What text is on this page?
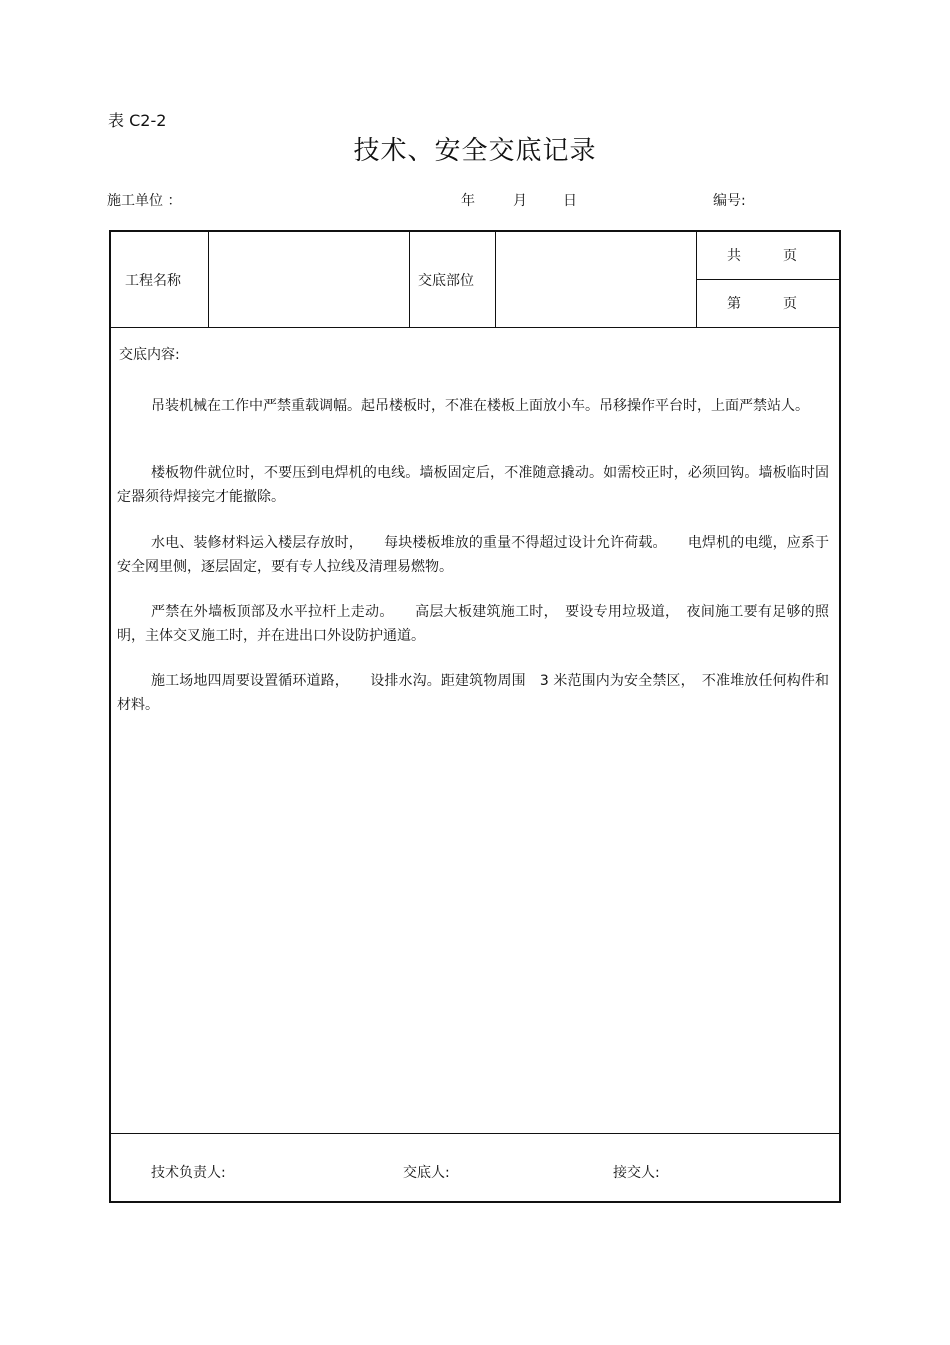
表 C2-2
技术、安全交底记录
施工单位 ：	年	月	日	编号:
工程名称	交底部位
共　　　页
第　　　页
交底内容:

吊装机械在工作中严禁重载调幅。起吊楼板时，不准在楼板上面放小车。吊移操作平台时，上面严禁站人。

楼板物件就位时，不要压到电焊机的电线。墙板固定后，不准随意撬动。如需校正时，必须回钩。墙板临时固定器须待焊接完才能撤除。

水电、装修材料运入楼层存放时，　　每块楼板堆放的重量不得超过设计允许荷载。　　电焊机的电缆，应系于安全网里侧，逐层固定，要有专人拉线及清理易燃物。

严禁在外墙板顶部及水平拉杆上走动。　　高层大板建筑施工时，　要设专用垃圾道，　夜间施工要有足够的照明，主体交叉施工时，并在进出口外设防护通道。

施工场地四周要设置循环道路，　　设排水沟。距建筑物周围　3 米范围内为安全禁区，　不准堆放任何构件和材料。

技术负责人:	交底人:	接交人:
